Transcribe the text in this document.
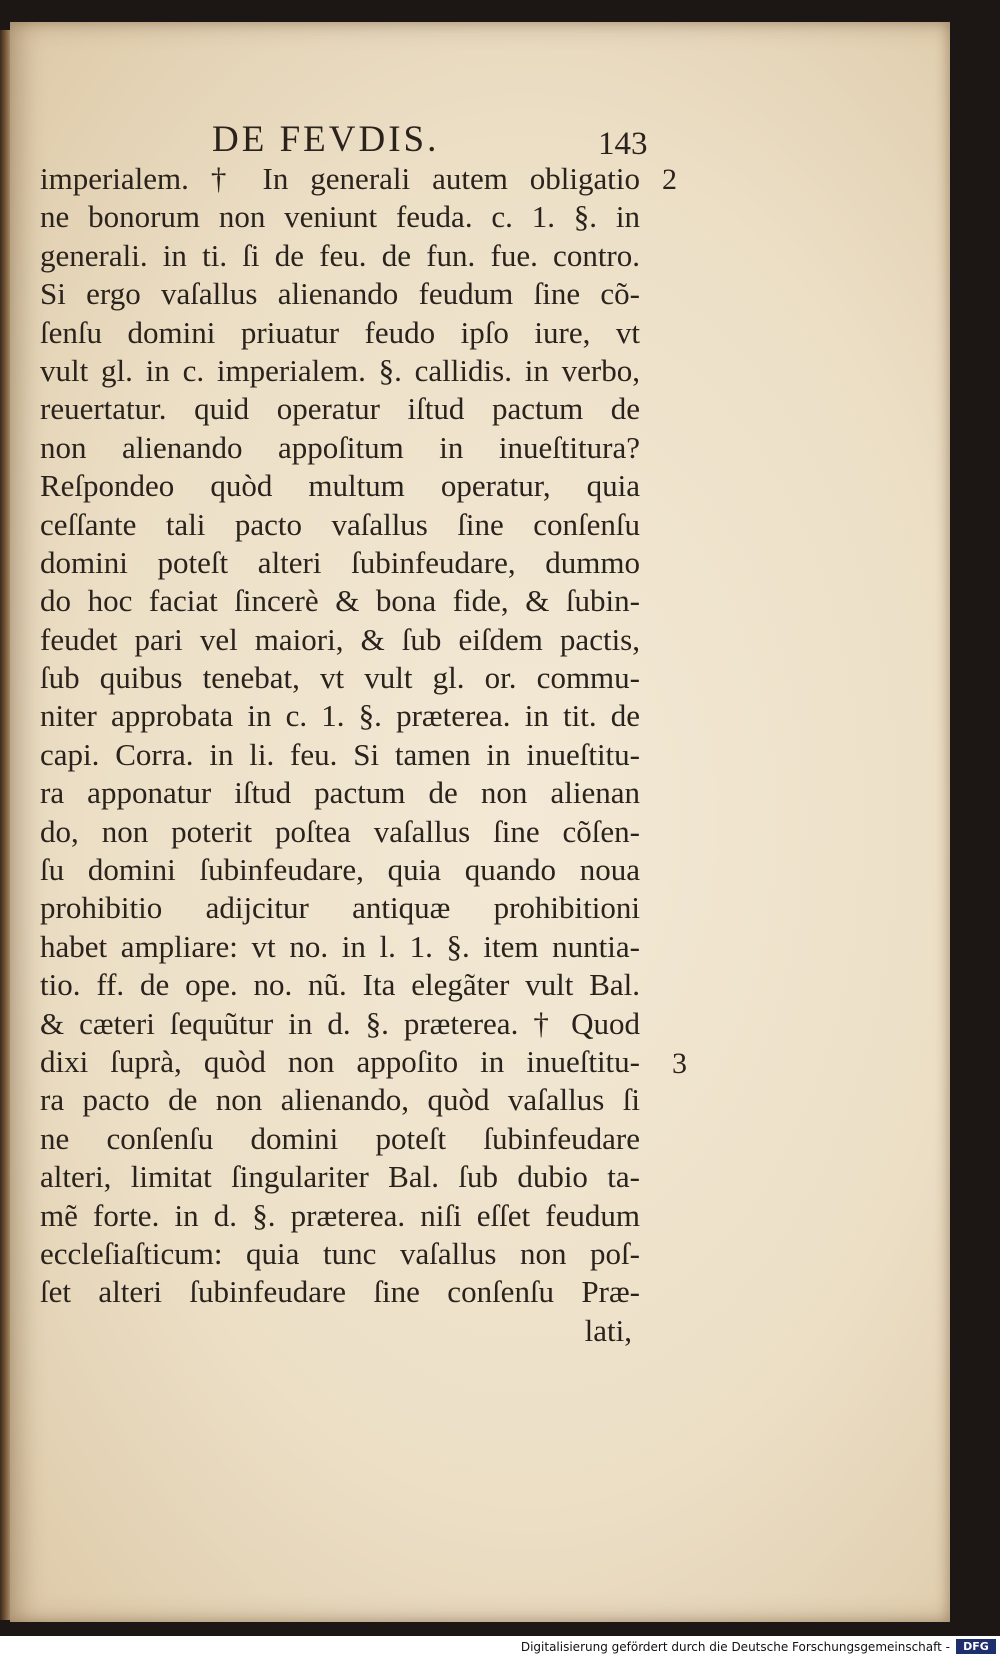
DE FEVDIS.	143
imperialem. † In generali autem obligatio
ne bonorum non veniunt feuda. c. 1. §. in
generali. in ti. ſi de feu. de fun. fue. contro.
Si ergo vaſallus alienando feudum ſine cõ-
ſenſu domini priuatur feudo ipſo iure, vt
vult gl. in c. imperialem. §. callidis. in verbo,
reuertatur. quid operatur iſtud pactum de
non alienando appoſitum in inueſtitura?
Reſpondeo quòd multum operatur, quia
ceſſante tali pacto vaſallus ſine conſenſu
domini poteſt alteri ſubinfeudare, dummo
do hoc faciat ſincerè & bona fide, & ſubin-
feudet pari vel maiori, & ſub eiſdem pactis,
ſub quibus tenebat, vt vult gl. or. commu-
niter approbata in c. 1. §. præterea. in tit. de
capi. Corra. in li. feu. Si tamen in inueſtitu-
ra apponatur iſtud pactum de non alienan
do, non poterit poſtea vaſallus ſine cõſen-
ſu domini ſubinfeudare, quia quando noua
prohibitio adijcitur antiquæ prohibitioni
habet ampliare: vt no. in l. 1. §. item nuntia-
tio. ff. de ope. no. nũ. Ita elegãter vult Bal.
& cæteri ſequũtur in d. §. præterea. † Quod
dixi ſuprà, quòd non appoſito in inueſtitu-
ra pacto de non alienando, quòd vaſallus ſi
ne conſenſu domini poteſt ſubinfeudare
alteri, limitat ſingulariter Bal. ſub dubio ta-
mẽ forte. in d. §. præterea. niſi eſſet feudum
eccleſiaſticum: quia tunc vaſallus non poſ-
ſet alteri ſubinfeudare ſine conſenſu Præ-
lati,
2
3
Digitalisierung gefördert durch die Deutsche Forschungsgemeinschaft -	DFG
